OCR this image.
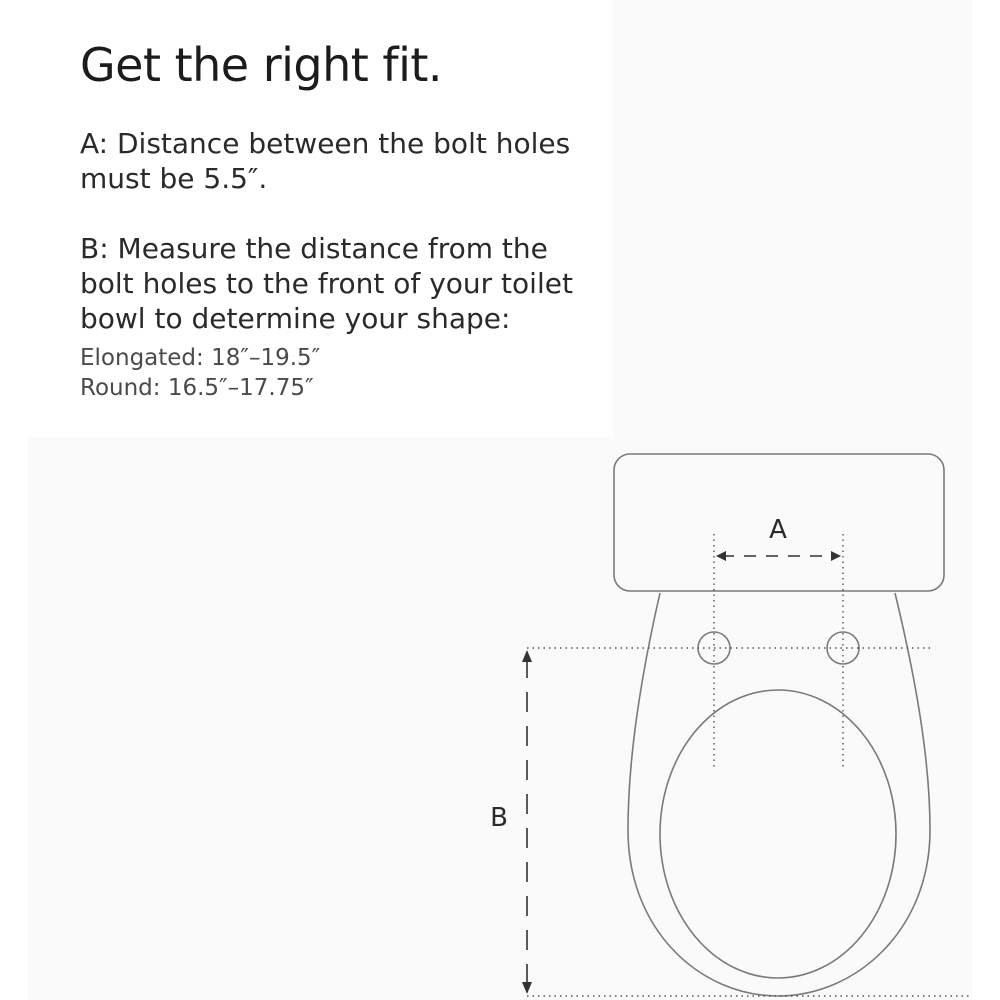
Get the right fit.

A: Distance between the bolt holes
must be 5.5″.

B: Measure the distance from the
bolt holes to the front of your toilet
bowl to determine your shape:

Elongated: 18″–19.5″
Round: 16.5″–17.75″

A
B
